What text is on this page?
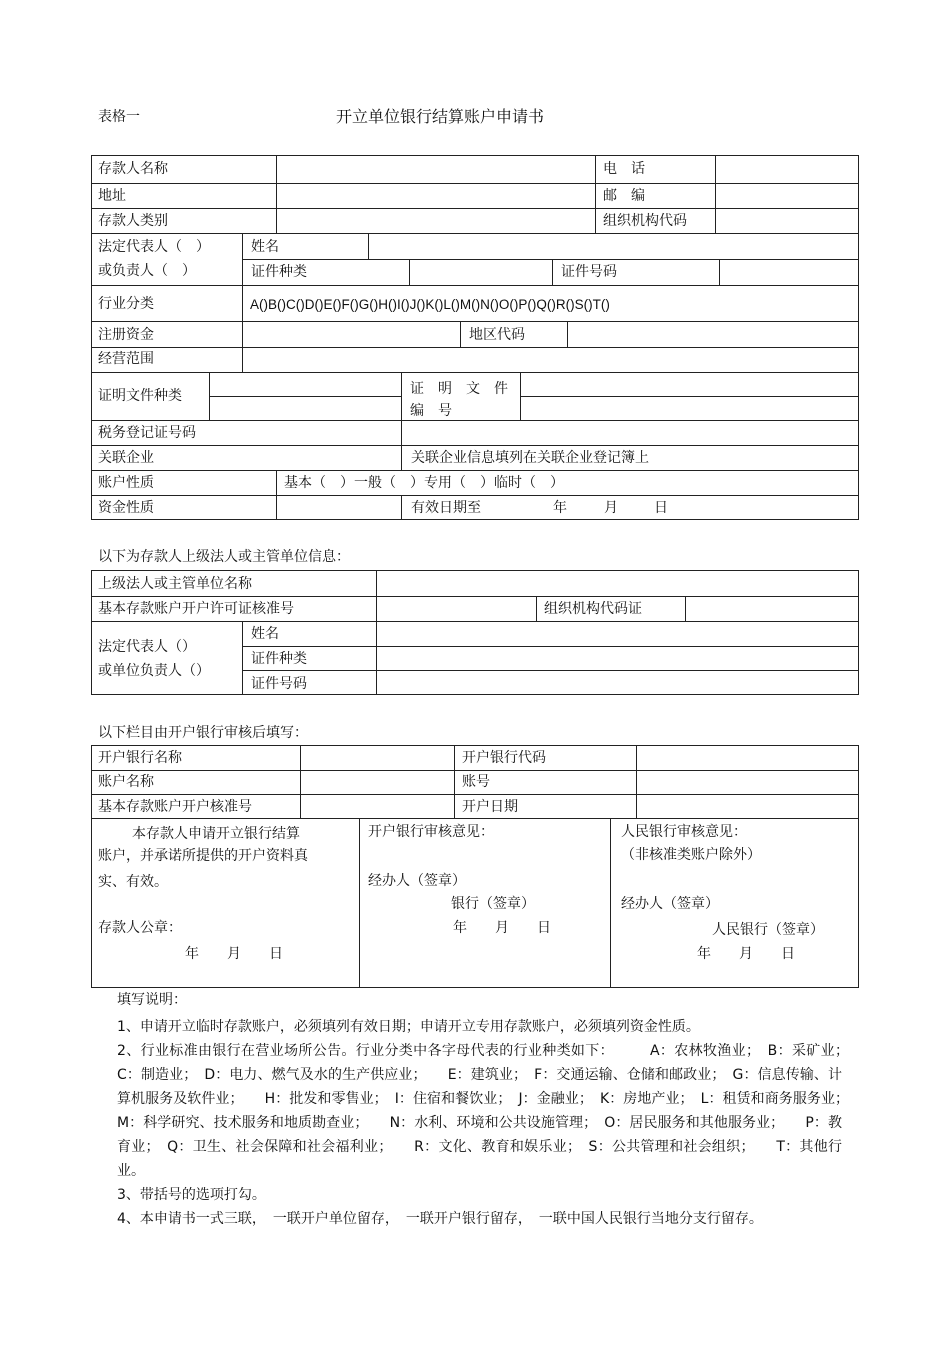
表格一	开立单位银行结算账户申请书
存款人名称	电　话
地址	邮　编
存款人类别	组织机构代码
法定代表人（　）
或负责人（　）
姓名
证件种类	证件号码
行业分类	A()B()C()D()E()F()G()H()I()J()K()L()M()N()O()P()Q()R()S()T()
注册资金	地区代码
经营范围
证明文件种类	证　明　文　件　编　号
税务登记证号码
关联企业	关联企业信息填列在关联企业登记簿上
账户性质	基本（　）一般（　）专用（　）临时（　）
资金性质	有效日期至	年	月	日
以下为存款人上级法人或主管单位信息：
上级法人或主管单位名称
基本存款账户开户许可证核准号	组织机构代码证
法定代表人（）
或单位负责人（）
姓名
证件种类
证件号码
以下栏目由开户银行审核后填写：
开户银行名称	开户银行代码
账户名称	账号
基本存款账户开户核准号	开户日期
本存款人申请开立银行结算
账户，并承诺所提供的开户资料真
实、有效。
存款人公章：
年　　月　　日
开户银行审核意见：
经办人（签章）
银行（签章）
年　　月　　日
人民银行审核意见：
（非核准类账户除外）
经办人（签章）
人民银行（签章）
年　　月　　日
填写说明：
1、申请开立临时存款账户，必须填列有效日期；申请开立专用存款账户，必须填列资金性质。
2、行业标准由银行在营业场所公告。行业分类中各字母代表的行业种类如下：　　　A：农林牧渔业；　B：采矿业；　C：制造业；　D：电力、燃气及水的生产供应业；　　E：建筑业；　F：交通运输、仓储和邮政业；　G：信息传输、计算机服务及软件业；　　H：批发和零售业；　I：住宿和餐饮业；　J：金融业；　K：房地产业；　L：租赁和商务服务业；　　M：科学研究、技术服务和地质勘查业；　　N：水利、环境和公共设施管理；　O：居民服务和其他服务业；　　P：教育业；　Q：卫生、社会保障和社会福利业；　　R：文化、教育和娱乐业；　S：公共管理和社会组织；　　T：其他行业。
3、带括号的选项打勾。
4、本申请书一式三联，　一联开户单位留存，　一联开户银行留存，　一联中国人民银行当地分支行留存。
